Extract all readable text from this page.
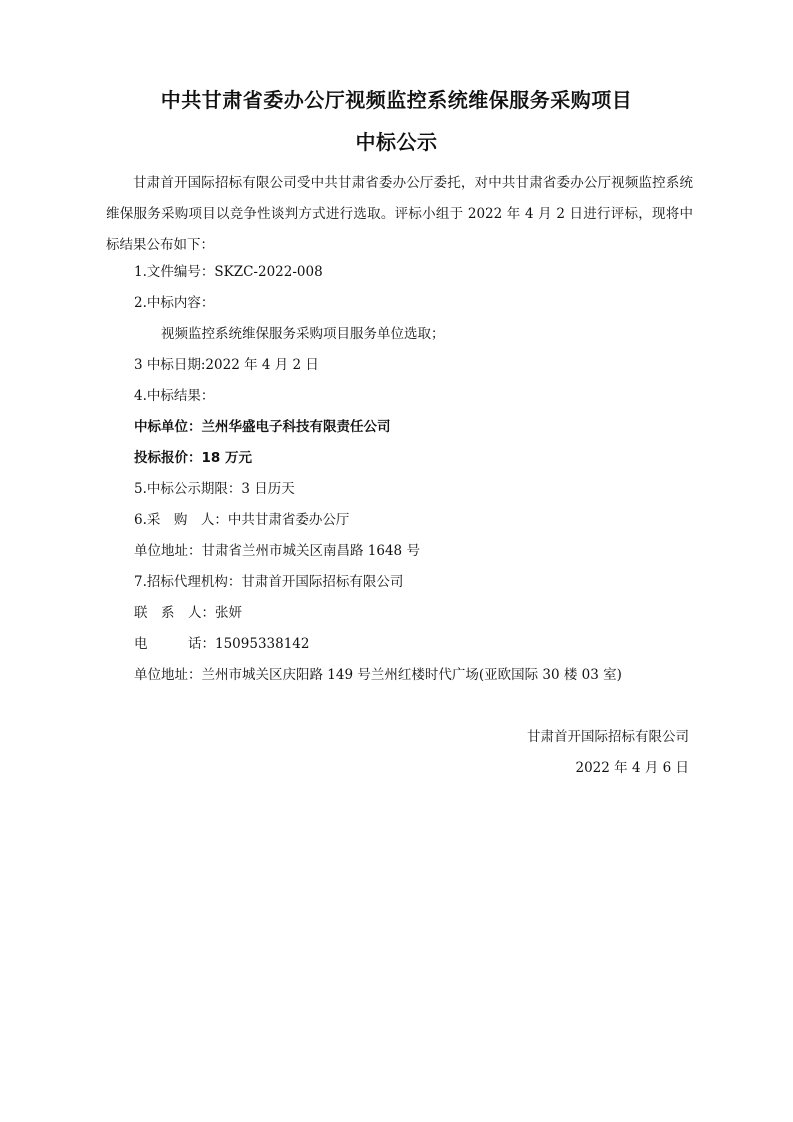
中共甘肃省委办公厅视频监控系统维保服务采购项目
中标公示
甘肃首开国际招标有限公司受中共甘肃省委办公厅委托，对中共甘肃省委办公厅视频监控系统维保服务采购项目以竞争性谈判方式进行选取。评标小组于 2022 年 4 月 2 日进行评标，现将中标结果公布如下：
1.文件编号：SKZC-2022-008
2.中标内容：
视频监控系统维保服务采购项目服务单位选取；
3 中标日期:2022 年 4 月 2 日
4.中标结果：
中标单位：兰州华盛电子科技有限责任公司
投标报价：18 万元
5.中标公示期限：3 日历天
6.采　购　人：中共甘肃省委办公厅
单位地址：甘肃省兰州市城关区南昌路 1648 号
7.招标代理机构：甘肃首开国际招标有限公司
联　系　人：张妍
电　　　话：15095338142
单位地址：兰州市城关区庆阳路 149 号兰州红楼时代广场(亚欧国际 30 楼 03 室)
甘肃首开国际招标有限公司
2022 年 4 月 6 日
